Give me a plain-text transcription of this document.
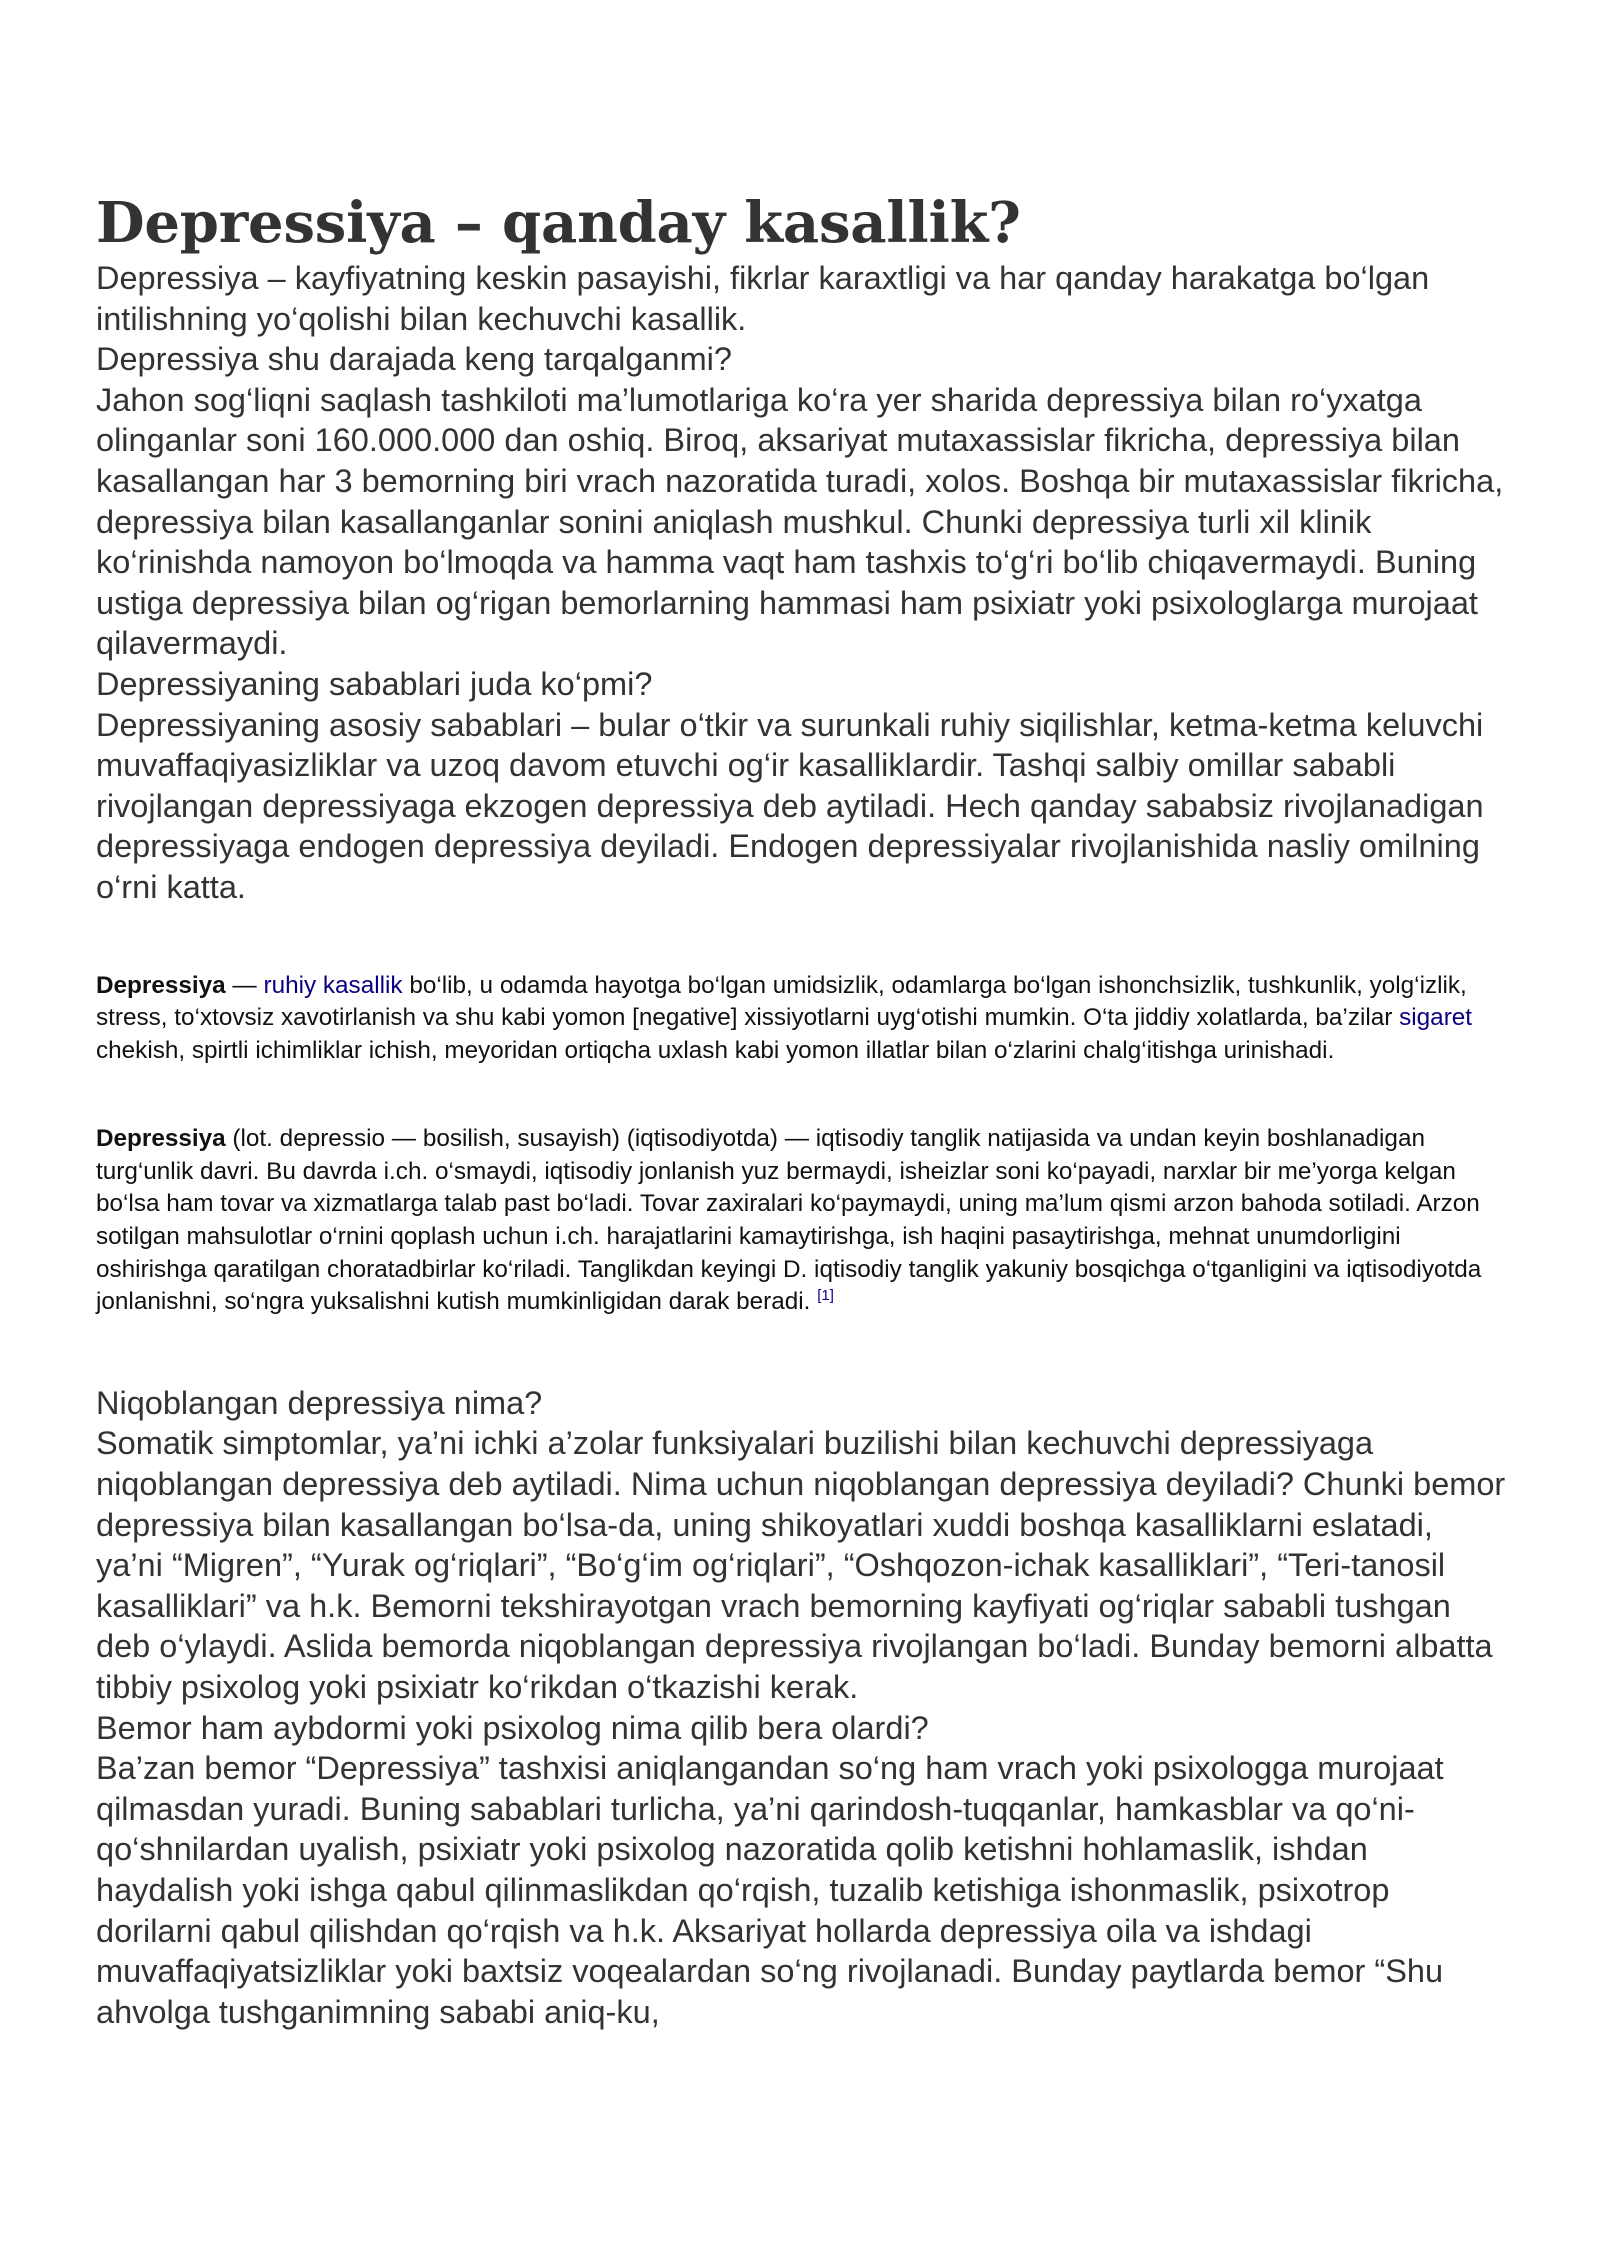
Depressiya – qanday kasallik?

Depressiya – kayfiyatning keskin pasayishi, fikrlar karaxtligi va har qanday harakatga bo‘lgan intilishning yo‘qolishi bilan kechuvchi kasallik.

Depressiya shu darajada keng tarqalganmi?

Jahon sog‘liqni saqlash tashkiloti ma’lumotlariga ko‘ra yer sharida depressiya bilan ro‘yxatga olinganlar soni 160.000.000 dan oshiq. Biroq, aksariyat mutaxassislar fikricha, depressiya bilan kasallangan har 3 bemorning biri vrach nazoratida turadi, xolos. Boshqa bir mutaxassislar fikricha, depressiya bilan kasallanganlar sonini aniqlash mushkul. Chunki depressiya turli xil klinik ko‘rinishda namoyon bo‘lmoqda va hamma vaqt ham tashxis to‘g‘ri bo‘lib chiqavermaydi. Buning ustiga depressiya bilan og‘rigan bemorlarning hammasi ham psixiatr yoki psixologlarga murojaat qilavermaydi.

Depressiyaning sabablari juda ko‘pmi?

Depressiyaning asosiy sabablari – bular o‘tkir va surunkali ruhiy siqilishlar, ketma-ketma keluvchi muvaffaqiyasizliklar va uzoq davom etuvchi og‘ir kasalliklardir. Tashqi salbiy omillar sababli rivojlangan depressiyaga ekzogen depressiya deb aytiladi. Hech qanday sababsiz rivojlanadigan depressiyaga endogen depressiya deyiladi. Endogen depressiyalar rivojlanishida nasliy omilning o‘rni katta.

Depressiya — ruhiy kasallik bo‘lib, u odamda hayotga bo‘lgan umidsizlik, odamlarga bo‘lgan ishonchsizlik, tushkunlik, yolg‘izlik, stress, to‘xtovsiz xavotirlanish va shu kabi yomon [negative] xissiyotlarni uyg‘otishi mumkin. O‘ta jiddiy xolatlarda, ba’zilar sigaret chekish, spirtli ichimliklar ichish, meyoridan ortiqcha uxlash kabi yomon illatlar bilan o‘zlarini chalg‘itishga urinishadi.

Depressiya (lot. depressio — bosilish, susayish) (iqtisodiyotda) — iqtisodiy tanglik natijasida va undan keyin boshlanadigan turg‘unlik davri. Bu davrda i.ch. o‘smaydi, iqtisodiy jonlanish yuz bermaydi, isheizlar soni ko‘payadi, narxlar bir me’yorga kelgan bo‘lsa ham tovar va xizmatlarga talab past bo‘ladi. Tovar zaxiralari ko‘paymaydi, uning ma’lum qismi arzon bahoda sotiladi. Arzon sotilgan mahsulotlar o‘rnini qoplash uchun i.ch. harajatlarini kamaytirishga, ish haqini pasaytirishga, mehnat unumdorligini oshirishga qaratilgan choratadbirlar ko‘riladi. Tanglikdan keyingi D. iqtisodiy tanglik yakuniy bosqichga o‘tganligini va iqtisodiyotda jonlanishni, so‘ngra yuksalishni kutish mumkinligidan darak beradi. [1]

Niqoblangan depressiya nima?

Somatik simptomlar, ya’ni ichki a’zolar funksiyalari buzilishi bilan kechuvchi depressiyaga niqoblangan depressiya deb aytiladi. Nima uchun niqoblangan depressiya deyiladi? Chunki bemor depressiya bilan kasallangan bo‘lsa-da, uning shikoyatlari xuddi boshqa kasalliklarni eslatadi, ya’ni “Migren”, “Yurak og‘riqlari”, “Bo‘g‘im og‘riqlari”, “Oshqozon-ichak kasalliklari”, “Teri-tanosil kasalliklari” va h.k. Bemorni tekshirayotgan vrach bemorning kayfiyati og‘riqlar sababli tushgan deb o‘ylaydi. Aslida bemorda niqoblangan depressiya rivojlangan bo‘ladi. Bunday bemorni albatta tibbiy psixolog yoki psixiatr ko‘rikdan o‘tkazishi kerak.

Bemor ham aybdormi yoki psixolog nima qilib bera olardi?

Ba’zan bemor “Depressiya” tashxisi aniqlangandan so‘ng ham vrach yoki psixologga murojaat qilmasdan yuradi. Buning sabablari turlicha, ya’ni qarindosh-tuqqanlar, hamkasblar va qo‘ni-qo‘shnilardan uyalish, psixiatr yoki psixolog nazoratida qolib ketishni hohlamaslik, ishdan haydalish yoki ishga qabul qilinmaslikdan qo‘rqish, tuzalib ketishiga ishonmaslik, psixotrop dorilarni qabul qilishdan qo‘rqish va h.k. Aksariyat hollarda depressiya oila va ishdagi muvaffaqiyatsizliklar yoki baxtsiz voqealardan so‘ng rivojlanadi. Bunday paytlarda bemor “Shu ahvolga tushganimning sababi aniq-ku,
